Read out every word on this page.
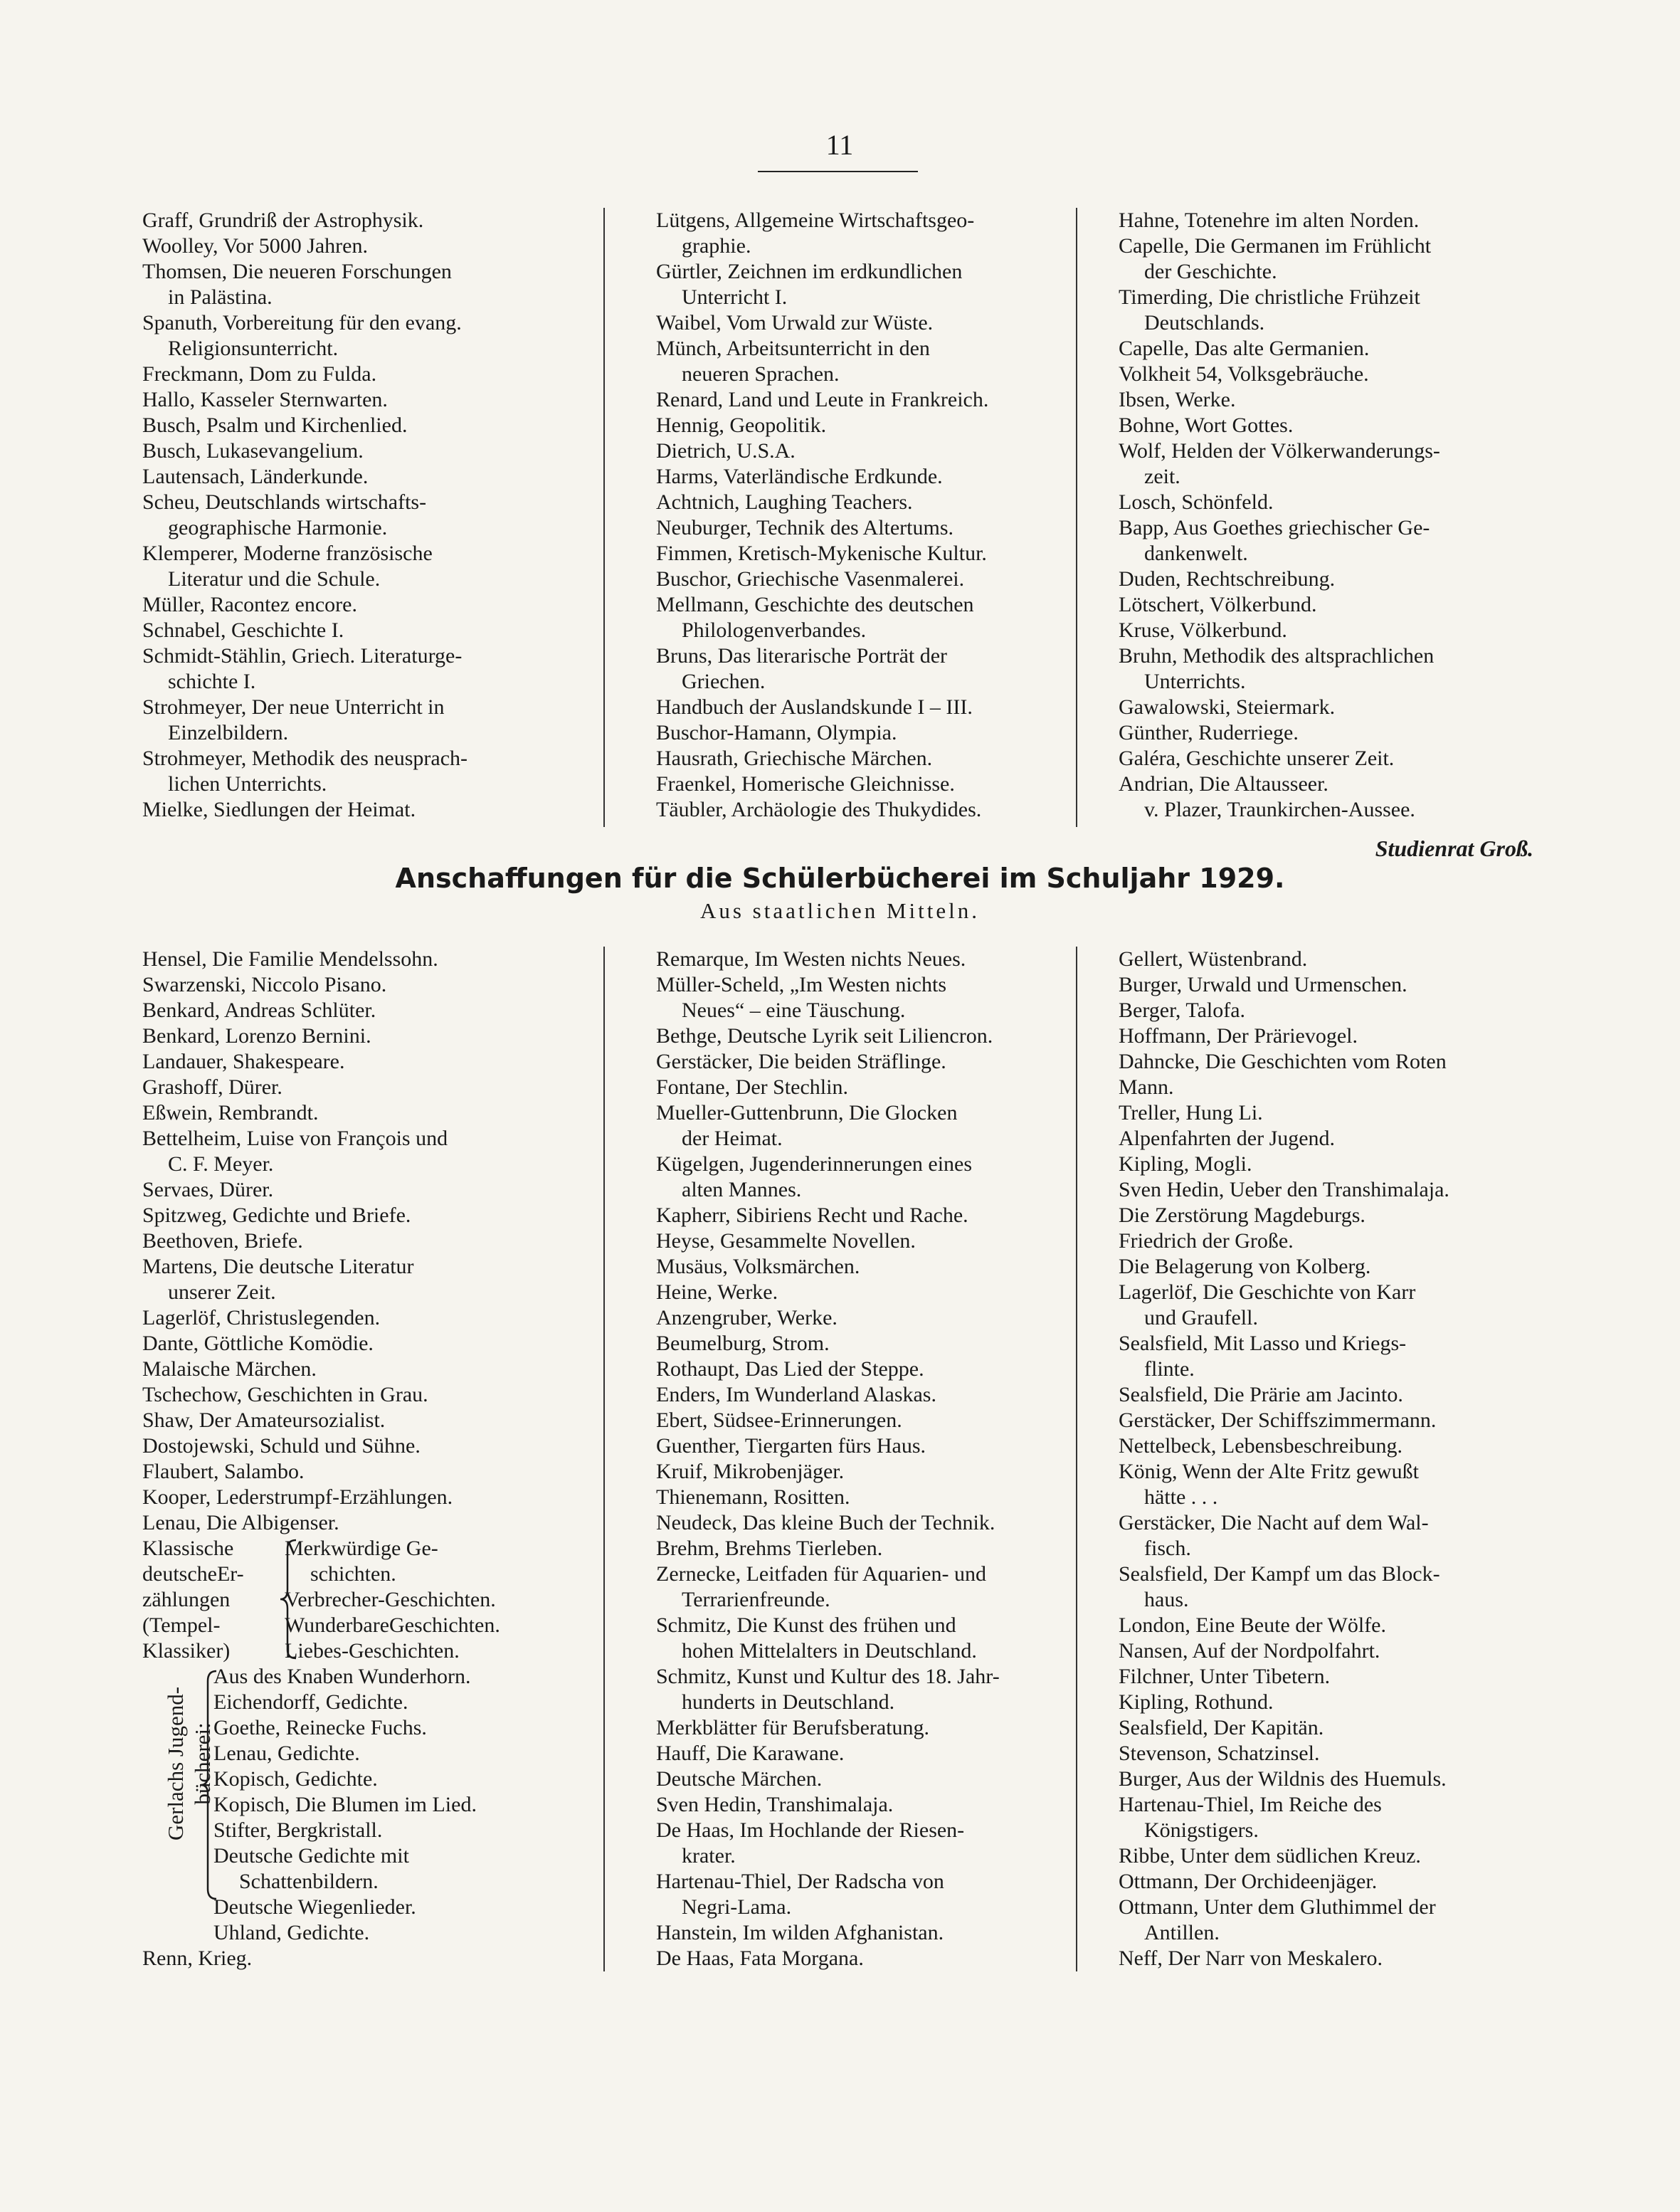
11
Graff, Grundriß der Astrophysik.
Woolley, Vor 5000 Jahren.
Thomsen, Die neueren Forschungen
in Palästina.
Spanuth, Vorbereitung für den evang.
Religionsunterricht.
Freckmann, Dom zu Fulda.
Hallo, Kasseler Sternwarten.
Busch, Psalm und Kirchenlied.
Busch, Lukasevangelium.
Lautensach, Länderkunde.
Scheu, Deutschlands wirtschafts-
geographische Harmonie.
Klemperer, Moderne französische
Literatur und die Schule.
Müller, Racontez encore.
Schnabel, Geschichte I.
Schmidt-Stählin, Griech. Literaturge-
schichte I.
Strohmeyer, Der neue Unterricht in
Einzelbildern.
Strohmeyer, Methodik des neusprach-
lichen Unterrichts.
Mielke, Siedlungen der Heimat.
Lütgens, Allgemeine Wirtschaftsgeo-
graphie.
Gürtler, Zeichnen im erdkundlichen
Unterricht I.
Waibel, Vom Urwald zur Wüste.
Münch, Arbeitsunterricht in den
neueren Sprachen.
Renard, Land und Leute in Frankreich.
Hennig, Geopolitik.
Dietrich, U.S.A.
Harms, Vaterländische Erdkunde.
Achtnich, Laughing Teachers.
Neuburger, Technik des Altertums.
Fimmen, Kretisch-Mykenische Kultur.
Buschor, Griechische Vasenmalerei.
Mellmann, Geschichte des deutschen
Philologenverbandes.
Bruns, Das literarische Porträt der
Griechen.
Handbuch der Auslandskunde I – III.
Buschor-Hamann, Olympia.
Hausrath, Griechische Märchen.
Fraenkel, Homerische Gleichnisse.
Täubler, Archäologie des Thukydides.
Hahne, Totenehre im alten Norden.
Capelle, Die Germanen im Frühlicht
der Geschichte.
Timerding, Die christliche Frühzeit
Deutschlands.
Capelle, Das alte Germanien.
Volkheit 54, Volksgebräuche.
Ibsen, Werke.
Bohne, Wort Gottes.
Wolf, Helden der Völkerwanderungs-
zeit.
Losch, Schönfeld.
Bapp, Aus Goethes griechischer Ge-
dankenwelt.
Duden, Rechtschreibung.
Lötschert, Völkerbund.
Kruse, Völkerbund.
Bruhn, Methodik des altsprachlichen
Unterrichts.
Gawalowski, Steiermark.
Günther, Ruderriege.
Galéra, Geschichte unserer Zeit.
Andrian, Die Altausseer.
v. Plazer, Traunkirchen-Aussee.
Studienrat Groß.
Anschaffungen für die Schülerbücherei im Schuljahr 1929.
Aus staatlichen Mitteln.
Hensel, Die Familie Mendelssohn.
Swarzenski, Niccolo Pisano.
Benkard, Andreas Schlüter.
Benkard, Lorenzo Bernini.
Landauer, Shakespeare.
Grashoff, Dürer.
Eßwein, Rembrandt.
Bettelheim, Luise von François und
C. F. Meyer.
Servaes, Dürer.
Spitzweg, Gedichte und Briefe.
Beethoven, Briefe.
Martens, Die deutsche Literatur
unserer Zeit.
Lagerlöf, Christuslegenden.
Dante, Göttliche Komödie.
Malaische Märchen.
Tschechow, Geschichten in Grau.
Shaw, Der Amateursozialist.
Dostojewski, Schuld und Sühne.
Flaubert, Salambo.
Kooper, Lederstrumpf-Erzählungen.
Lenau, Die Albigenser.
Remarque, Im Westen nichts Neues.
Müller-Scheld, „Im Westen nichts
Neues“ – eine Täuschung.
Bethge, Deutsche Lyrik seit Liliencron.
Gerstäcker, Die beiden Sträflinge.
Fontane, Der Stechlin.
Mueller-Guttenbrunn, Die Glocken
der Heimat.
Kügelgen, Jugenderinnerungen eines
alten Mannes.
Kapherr, Sibiriens Recht und Rache.
Heyse, Gesammelte Novellen.
Musäus, Volksmärchen.
Heine, Werke.
Anzengruber, Werke.
Beumelburg, Strom.
Rothaupt, Das Lied der Steppe.
Enders, Im Wunderland Alaskas.
Ebert, Südsee-Erinnerungen.
Guenther, Tiergarten fürs Haus.
Kruif, Mikrobenjäger.
Thienemann, Rositten.
Neudeck, Das kleine Buch der Technik.
Brehm, Brehms Tierleben.
Zernecke, Leitfaden für Aquarien- und
Terrarienfreunde.
Schmitz, Die Kunst des frühen und
hohen Mittelalters in Deutschland.
Schmitz, Kunst und Kultur des 18. Jahr-
hunderts in Deutschland.
Merkblätter für Berufsberatung.
Hauff, Die Karawane.
Deutsche Märchen.
Sven Hedin, Transhimalaja.
De Haas, Im Hochlande der Riesen-
krater.
Hartenau-Thiel, Der Radscha von
Negri-Lama.
Hanstein, Im wilden Afghanistan.
De Haas, Fata Morgana.
Gellert, Wüstenbrand.
Burger, Urwald und Urmenschen.
Berger, Talofa.
Hoffmann, Der Prärievogel.
Dahncke, Die Geschichten vom Roten
Mann.
Treller, Hung Li.
Alpenfahrten der Jugend.
Kipling, Mogli.
Sven Hedin, Ueber den Transhimalaja.
Die Zerstörung Magdeburgs.
Friedrich der Große.
Die Belagerung von Kolberg.
Lagerlöf, Die Geschichte von Karr
und Graufell.
Sealsfield, Mit Lasso und Kriegs-
flinte.
Sealsfield, Die Prärie am Jacinto.
Gerstäcker, Der Schiffszimmermann.
Nettelbeck, Lebensbeschreibung.
König, Wenn der Alte Fritz gewußt
hätte . . .
Gerstäcker, Die Nacht auf dem Wal-
fisch.
Sealsfield, Der Kampf um das Block-
haus.
London, Eine Beute der Wölfe.
Nansen, Auf der Nordpolfahrt.
Filchner, Unter Tibetern.
Kipling, Rothund.
Sealsfield, Der Kapitän.
Stevenson, Schatzinsel.
Burger, Aus der Wildnis des Huemuls.
Hartenau-Thiel, Im Reiche des
Königstigers.
Ribbe, Unter dem südlichen Kreuz.
Ottmann, Der Orchideenjäger.
Ottmann, Unter dem Gluthimmel der
Antillen.
Neff, Der Narr von Meskalero.
Klassische
deutscheEr-
zählungen
(Tempel-
Klassiker)
Merkwürdige Ge-
schichten.
Verbrecher-Geschichten.
WunderbareGeschichten.
Liebes-Geschichten.
Gerlachs Jugend- bücherei:
Aus des Knaben Wunderhorn.
Eichendorff, Gedichte.
Goethe, Reinecke Fuchs.
Lenau, Gedichte.
Kopisch, Gedichte.
Kopisch, Die Blumen im Lied.
Stifter, Bergkristall.
Deutsche Gedichte mit
Schattenbildern.
Deutsche Wiegenlieder.
Uhland, Gedichte.
Renn, Krieg.
